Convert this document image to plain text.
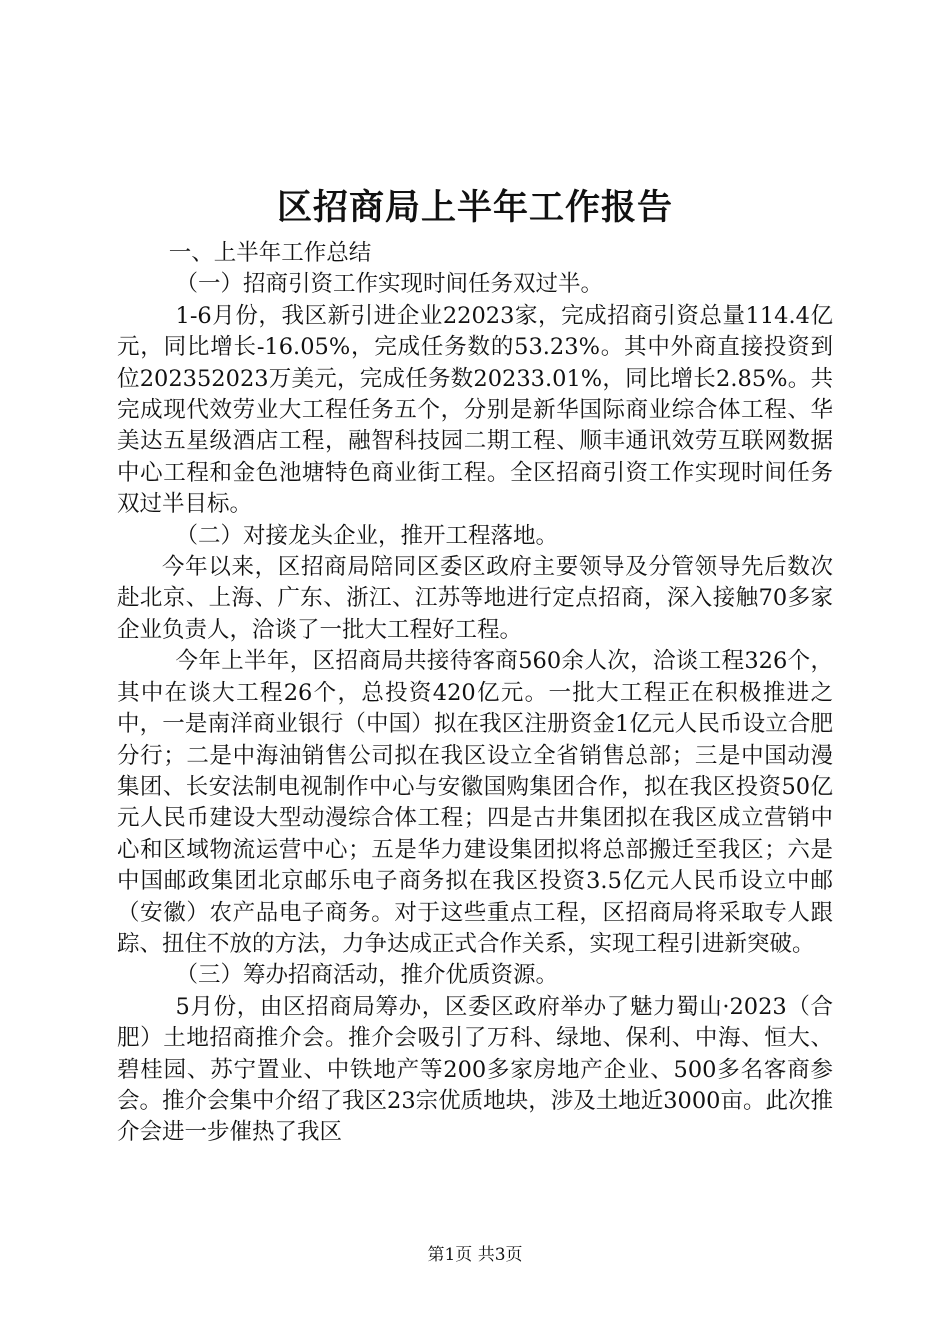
区招商局上半年工作报告

一、上半年工作总结

（一）招商引资工作实现时间任务双过半。

1-6月份，我区新引进企业22023家，完成招商引资总量114.4亿元，同比增长-16.05%，完成任务数的53.23%。其中外商直接投资到位202352023万美元，完成任务数20233.01%，同比增长2.85%。共完成现代效劳业大工程任务五个，分别是新华国际商业综合体工程、华美达五星级酒店工程，融智科技园二期工程、顺丰通讯效劳互联网数据中心工程和金色池塘特色商业街工程。全区招商引资工作实现时间任务双过半目标。

（二）对接龙头企业，推开工程落地。

今年以来，区招商局陪同区委区政府主要领导及分管领导先后数次赴北京、上海、广东、浙江、江苏等地进行定点招商，深入接触70多家企业负责人，洽谈了一批大工程好工程。

今年上半年，区招商局共接待客商560余人次，洽谈工程326个，其中在谈大工程26个，总投资420亿元。一批大工程正在积极推进之中，一是南洋商业银行（中国）拟在我区注册资金1亿元人民币设立合肥分行；二是中海油销售公司拟在我区设立全省销售总部；三是中国动漫集团、长安法制电视制作中心与安徽国购集团合作，拟在我区投资50亿元人民币建设大型动漫综合体工程；四是古井集团拟在我区成立营销中心和区域物流运营中心；五是华力建设集团拟将总部搬迁至我区；六是中国邮政集团北京邮乐电子商务拟在我区投资3.5亿元人民币设立中邮（安徽）农产品电子商务。对于这些重点工程，区招商局将采取专人跟踪、扭住不放的方法，力争达成正式合作关系，实现工程引进新突破。

（三）筹办招商活动，推介优质资源。

5月份，由区招商局筹办，区委区政府举办了魅力蜀山·2023（合肥）土地招商推介会。推介会吸引了万科、绿地、保利、中海、恒大、碧桂园、苏宁置业、中铁地产等200多家房地产企业、500多名客商参会。推介会集中介绍了我区23宗优质地块，涉及土地近3000亩。此次推介会进一步催热了我区

第1页 共3页
